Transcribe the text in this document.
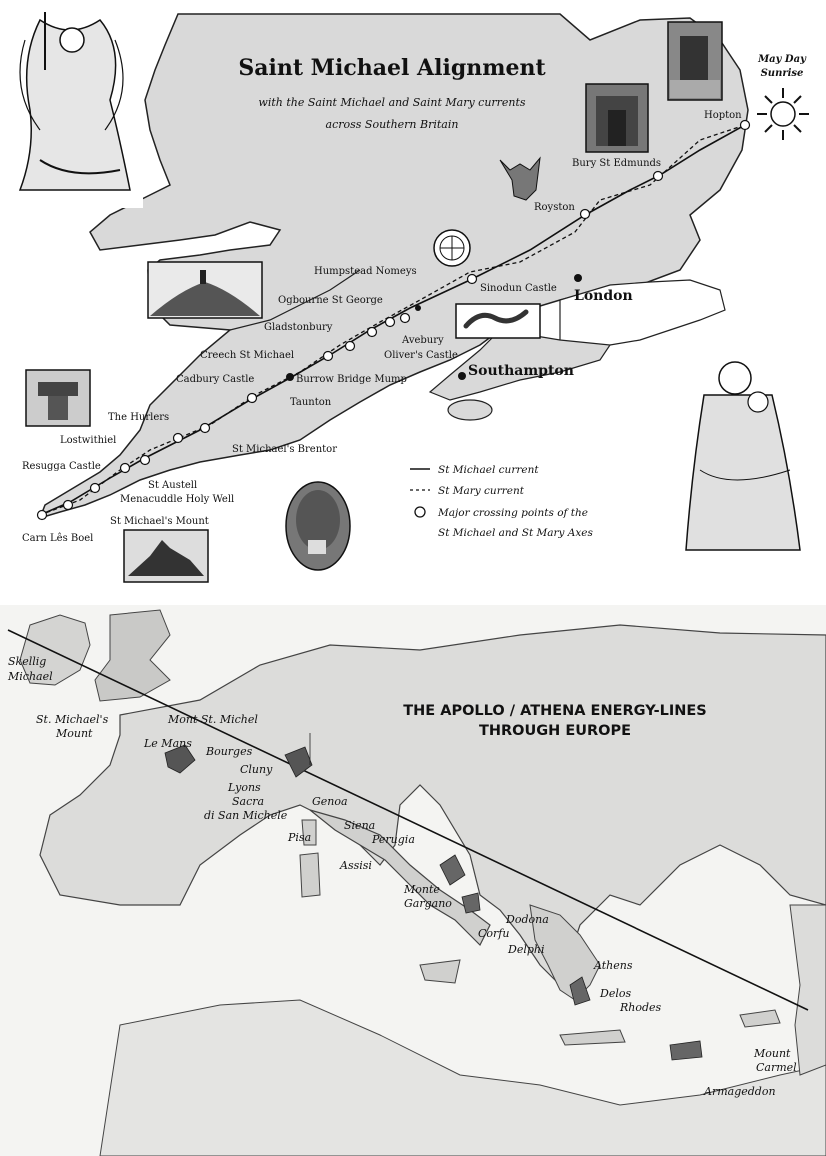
Saint Michael Alignment
with the Saint Michael and Saint Mary currents
across Southern Britain
May Day
Sunrise
Hopton
Bury St Edmunds
Royston
Humpstead Nomeys
Sinodun Castle London
Ogbourne St George
Gladstonbury
Avebury
Oliver's Castle
Creech St Michael
Burrow Bridge Mump
Southampton
Cadbury Castle
Taunton
The Hurlers
Lostwithiel
St Michael's Brentor
Resugga Castle
St Austell
Menacuddle Holy Well
St Michael's Mount
Carn Lês Boel
St Michael current
St Mary current
Major crossing points of the
St Michael and St Mary Axes
THE APOLLO / ATHENA ENERGY-LINES
THROUGH EUROPE
Skellig
Michael
St. Michael's
Mount
Mont St. Michel
Le Mans
Bourges
Cluny
Lyons
Sacra
di San Michele
Genoa
Pisa
Siena
Perugia
Assisi
Monte
Gargano
Dodona
Corfu
Delphi
Athens
Delos
Rhodes
Mount
Carmel
Armageddon
